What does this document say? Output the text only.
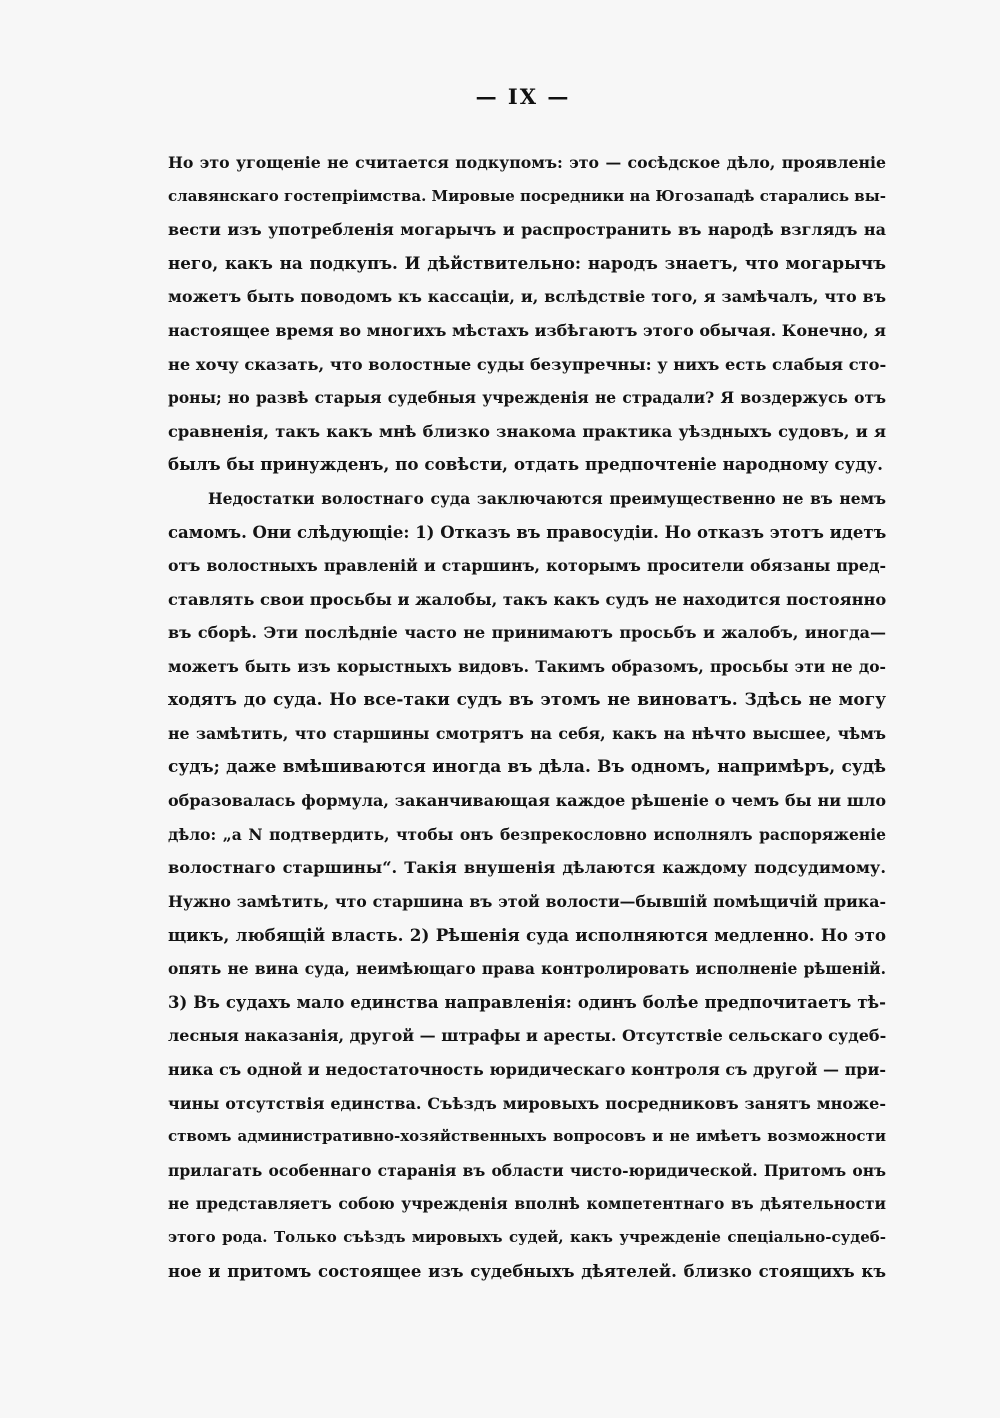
— IX —
Но это угощеніе не считается подкупомъ: это — сосѣдское дѣло, проявленіе
славянскаго гостепріимства. Мировые посредники на Югозападѣ старались вы-
вести изъ употребленія могарычъ и распространить въ народѣ взглядъ на
него, какъ на подкупъ. И дѣйствительно: народъ знаетъ, что могарычъ
можетъ быть поводомъ къ кассаціи, и, вслѣдствіе того, я замѣчалъ, что въ
настоящее время во многихъ мѣстахъ избѣгаютъ этого обычая. Конечно, я
не хочу сказать, что волостные суды безупречны: у нихъ есть слабыя сто-
роны; но развѣ старыя судебныя учрежденія не страдали? Я воздержусь отъ
сравненія, такъ какъ мнѣ близко знакома практика уѣздныхъ судовъ, и я
былъ бы принужденъ, по совѣсти, отдать предпочтеніе народному суду.
Недостатки волостнаго суда заключаются преимущественно не въ немъ
самомъ. Они слѣдующіе: 1) Отказъ въ правосудіи. Но отказъ этотъ идетъ
отъ волостныхъ правленій и старшинъ, которымъ просители обязаны пред-
ставлять свои просьбы и жалобы, такъ какъ судъ не находится постоянно
въ сборѣ. Эти послѣдніе часто не принимаютъ просьбъ и жалобъ, иногда—
можетъ быть изъ корыстныхъ видовъ. Такимъ образомъ, просьбы эти не до-
ходятъ до суда. Но все-таки судъ въ этомъ не виноватъ. Здѣсь не могу
не замѣтить, что старшины смотрятъ на себя, какъ на нѣчто высшее, чѣмъ
судъ; даже вмѣшиваются иногда въ дѣла. Въ одномъ, напримѣръ, судѣ
образовалась формула, заканчивающая каждое рѣшеніе о чемъ бы ни шло
дѣло: „а N подтвердить, чтобы онъ безпрекословно исполнялъ распоряженіе
волостнаго старшины“. Такія внушенія дѣлаются каждому подсудимому.
Нужно замѣтить, что старшина въ этой волости—бывшій помѣщичій прика-
щикъ, любящій власть. 2) Рѣшенія суда исполняются медленно. Но это
опять не вина суда, неимѣющаго права контролировать исполненіе рѣшеній.
3) Въ судахъ мало единства направленія: одинъ болѣе предпочитаетъ тѣ-
лесныя наказанія, другой — штрафы и аресты. Отсутствіе сельскаго судеб-
ника съ одной и недостаточность юридическаго контроля съ другой — при-
чины отсутствія единства. Съѣздъ мировыхъ посредниковъ занятъ множе-
ствомъ административно-хозяйственныхъ вопросовъ и не имѣетъ возможности
прилагать особеннаго старанія въ области чисто-юридической. Притомъ онъ
не представляетъ собою учрежденія вполнѣ компетентнаго въ дѣятельности
этого рода. Только съѣздъ мировыхъ судей, какъ учрежденіе спеціально-судеб-
ное и притомъ состоящее изъ судебныхъ дѣятелей. близко стоящихъ къ
